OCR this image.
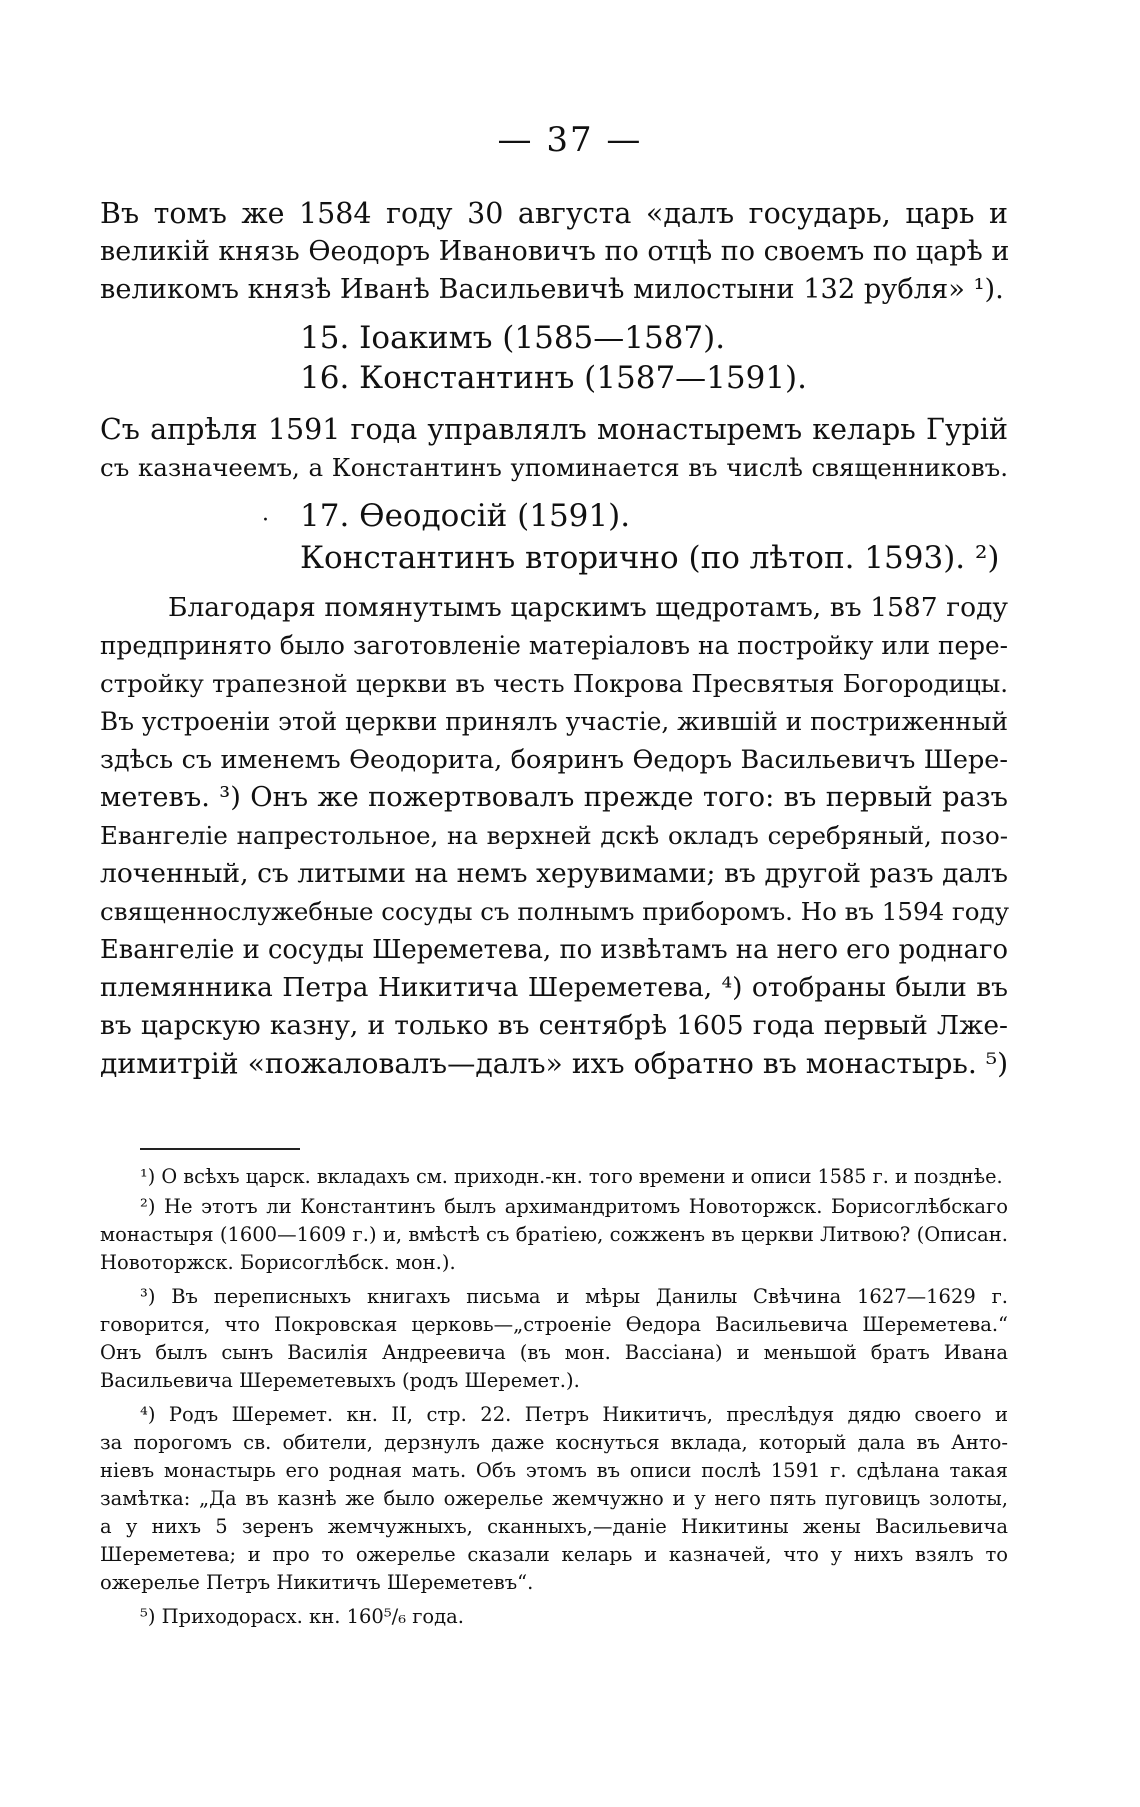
— 37 —
Въ томъ же 1584 году 30 августа «далъ государь, царь и
великій князь Ѳеодоръ Ивановичъ по отцѣ по своемъ по царѣ и
великомъ князѣ Иванѣ Васильевичѣ милостыни 132 рубля» ¹).
15. Іоакимъ (1585—1587).
16. Константинъ (1587—1591).
Съ апрѣля 1591 года управлялъ монастыремъ келарь Гурій
съ казначеемъ, а Константинъ упоминается въ числѣ священниковъ.
· 17. Ѳеодосій (1591).
Константинъ вторично (по лѣтоп. 1593). ²)
Благодаря помянутымъ царскимъ щедротамъ, въ 1587 году
предпринято было заготовленіе матеріаловъ на постройку или пере-
стройку трапезной церкви въ честь Покрова Пресвятыя Богородицы.
Въ устроеніи этой церкви принялъ участіе, жившій и постриженный
здѣсь съ именемъ Ѳеодорита, бояринъ Ѳедоръ Васильевичъ Шере-
метевъ. ³) Онъ же пожертвовалъ прежде того: въ первый разъ
Евангеліе напрестольное, на верхней дскѣ окладъ серебряный, позо-
лоченный, съ литыми на немъ херувимами; въ другой разъ далъ
священнослужебные сосуды съ полнымъ приборомъ. Но въ 1594 году
Евангеліе и сосуды Шереметева, по извѣтамъ на него его роднаго
племянника Петра Никитича Шереметева, ⁴) отобраны были въ
въ царскую казну, и только въ сентябрѣ 1605 года первый Лже-
димитрій «пожаловалъ—далъ» ихъ обратно въ монастырь. ⁵)
¹) О всѣхъ царск. вкладахъ см. приходн.-кн. того времени и описи 1585 г. и позднѣе.
²) Не этотъ ли Константинъ былъ архимандритомъ Новоторжск. Борисоглѣбскаго
монастыря (1600—1609 г.) и, вмѣстѣ съ братіею, сожженъ въ церкви Литвою? (Описан.
Новоторжск. Борисоглѣбск. мон.).
³) Въ переписныхъ книгахъ письма и мѣры Данилы Свѣчина 1627—1629 г.
говорится, что Покровская церковь—„строеніе Ѳедора Васильевича Шереметева.“
Онъ былъ сынъ Василія Андреевича (въ мон. Вассіана) и меньшой братъ Ивана
Васильевича Шереметевыхъ (родъ Шеремет.).
⁴) Родъ Шеремет. кн. II, стр. 22. Петръ Никитичъ, преслѣдуя дядю своего и
за порогомъ св. обители, дерзнулъ даже коснуться вклада, который дала въ Анто-
ніевъ монастырь его родная мать. Объ этомъ въ описи послѣ 1591 г. сдѣлана такая
замѣтка: „Да въ казнѣ же было ожерелье жемчужно и у него пять пуговицъ золоты,
а у нихъ 5 зеренъ жемчужныхъ, сканныхъ,—даніе Никитины жены Васильевича
Шереметева; и про то ожерелье сказали келарь и казначей, что у нихъ взялъ то
ожерелье Петръ Никитичъ Шереметевъ“.
⁵) Приходорасх. кн. 160⁵/₆ года.
